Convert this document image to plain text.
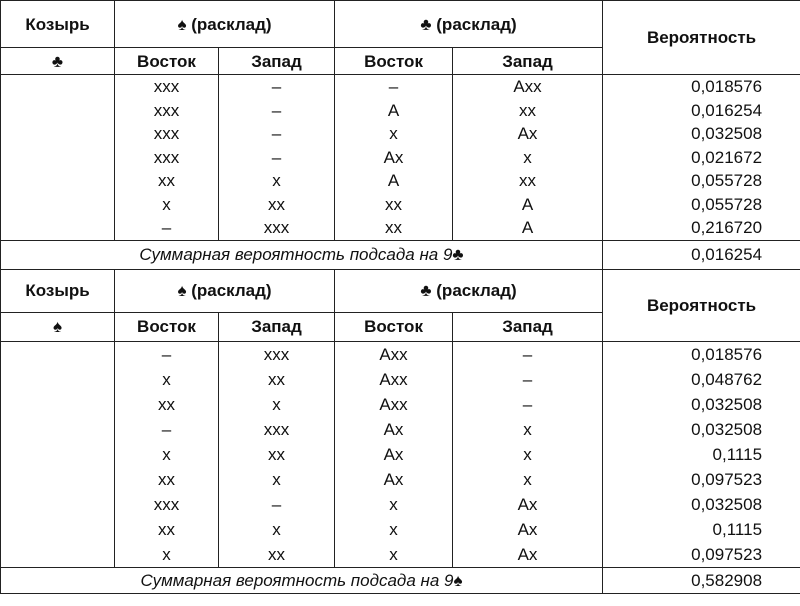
Козырь	♠ (расклад)		♣ (расклад)		Вероятность
♣	Восток	Запад	Восток	Запад	
	ххх	–	–	Аxx	0,018576
	ххх	–	А	xx	0,016254
	ххх	–	x	Аx	0,032508
	ххх	–	Аx	x	0,021672
	хх	х	А	xx	0,055728
	х	хх	xx	А	0,055728
	–	ххх	xx	А	0,216720
Суммарная вероятность подсада на 9♣					0,016254
Козырь	♠ (расклад)		♣ (расклад)		Вероятность
♠	Восток	Запад	Восток	Запад	
	–	ххх	Аxx	–	0,018576
	х	хх	Аxx	–	0,048762
	хх	х	Аxx	–	0,032508
	–	ххх	Аx	x	0,032508
	х	хх	Аx	x	0,1115
	хх	х	Аx	x	0,097523
	ххх	–	x	Аx	0,032508
	хх	х	x	Аx	0,1115
	х	хх	x	Аx	0,097523
Суммарная вероятность подсада на 9♠					0,582908
